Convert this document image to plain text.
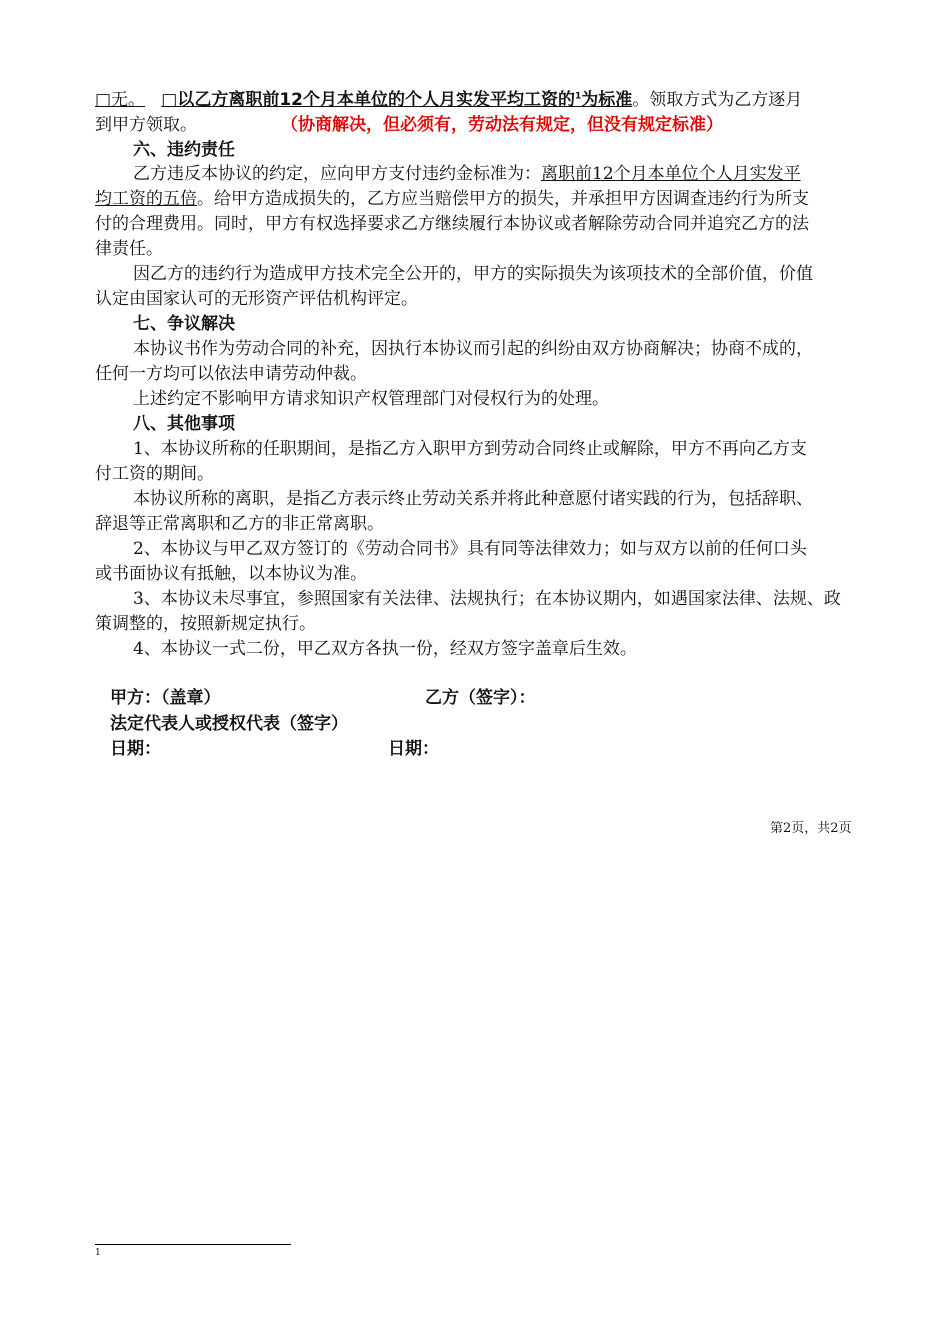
□无。 □以乙方离职前12个月本单位的个人月实发平均工资的$^1$为标准。领取方式为乙方逐月
到甲方领取。	（协商解决，但必须有，劳动法有规定，但没有规定标准）
六、违约责任
乙方违反本协议的约定，应向甲方支付违约金标准为：离职前12个月本单位个人月实发平
均工资的五倍。给甲方造成损失的，乙方应当赔偿甲方的损失，并承担甲方因调查违约行为所支
付的合理费用。同时，甲方有权选择要求乙方继续履行本协议或者解除劳动合同并追究乙方的法
律责任。
因乙方的违约行为造成甲方技术完全公开的，甲方的实际损失为该项技术的全部价值，价值
认定由国家认可的无形资产评估机构评定。
七、争议解决
本协议书作为劳动合同的补充，因执行本协议而引起的纠纷由双方协商解决；协商不成的，
任何一方均可以依法申请劳动仲裁。
上述约定不影响甲方请求知识产权管理部门对侵权行为的处理。
八、其他事项
1、本协议所称的任职期间，是指乙方入职甲方到劳动合同终止或解除，甲方不再向乙方支
付工资的期间。
本协议所称的离职，是指乙方表示终止劳动关系并将此种意愿付诸实践的行为，包括辞职、
辞退等正常离职和乙方的非正常离职。
2、本协议与甲乙双方签订的《劳动合同书》具有同等法律效力；如与双方以前的任何口头
或书面协议有抵触，以本协议为准。
3、本协议未尽事宜，参照国家有关法律、法规执行；在本协议期内，如遇国家法律、法规、政
策调整的，按照新规定执行。
4、本协议一式二份，甲乙双方各执一份，经双方签字盖章后生效。
甲方：（盖章）	乙方（签字）：
法定代表人或授权代表（签字）
日期：	日期：
第2页，共2页
1
